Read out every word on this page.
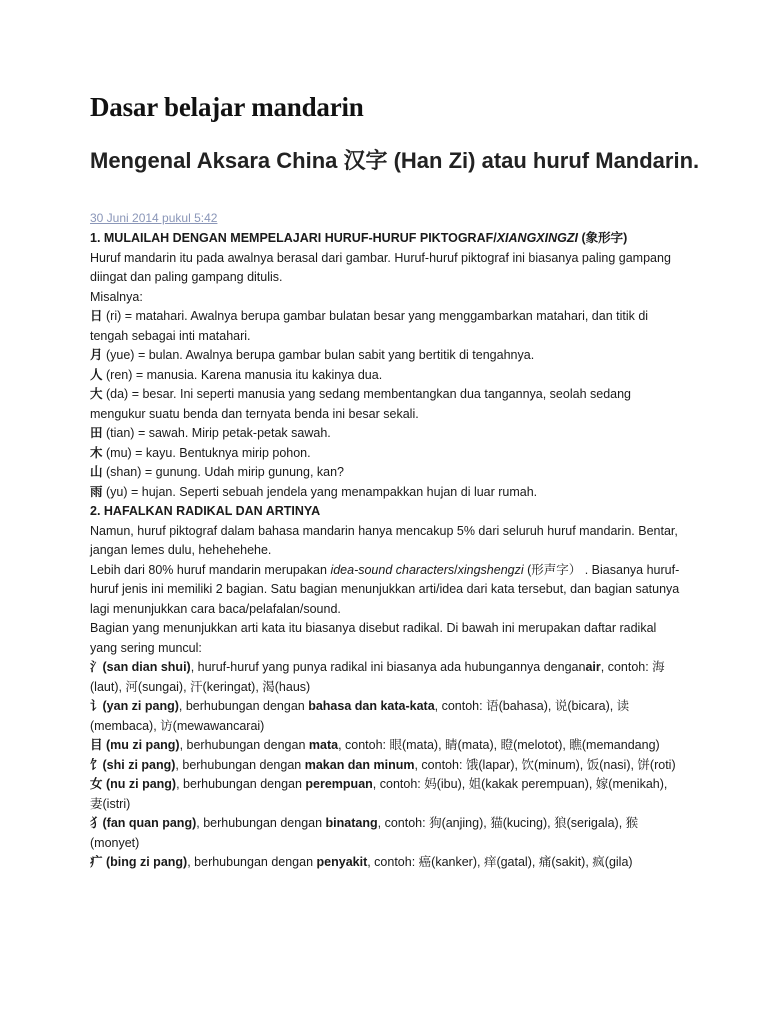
Dasar belajar mandarin
Mengenal Aksara China 汉字 (Han Zi) atau huruf Mandarin.
30 Juni 2014 pukul 5:42

1. MULAILAH DENGAN MEMPELAJARI HURUF-HURUF PIKTOGRAF/XIANGXINGZI (象形字)

Huruf mandarin itu pada awalnya berasal dari gambar. Huruf-huruf piktograf ini biasanya paling gampang diingat dan paling gampang ditulis.

Misalnya:

日 (ri) = matahari. Awalnya berupa gambar bulatan besar yang menggambarkan matahari, dan titik di tengah sebagai inti matahari.

月 (yue) = bulan. Awalnya berupa gambar bulan sabit yang bertitik di tengahnya.

人 (ren) = manusia. Karena manusia itu kakinya dua.

大 (da) = besar. Ini seperti manusia yang sedang membentangkan dua tangannya, seolah sedang mengukur suatu benda dan ternyata benda ini besar sekali.

田 (tian) = sawah. Mirip petak-petak sawah.

木 (mu) = kayu. Bentuknya mirip pohon.

山 (shan) = gunung. Udah mirip gunung, kan?

雨 (yu) = hujan. Seperti sebuah jendela yang menampakkan hujan di luar rumah.

2. HAFALKAN RADIKAL DAN ARTINYA

Namun, huruf piktograf dalam bahasa mandarin hanya mencakup 5% dari seluruh huruf mandarin. Bentar, jangan lemes dulu, hehehehehe.

Lebih dari 80% huruf mandarin merupakan idea-sound characters/xingshengzi (形声字） . Biasanya huruf-huruf jenis ini memiliki 2 bagian. Satu bagian menunjukkan arti/idea dari kata tersebut, dan bagian satunya lagi menunjukkan cara baca/pelafalan/sound.

Bagian yang menunjukkan arti kata itu biasanya disebut radikal. Di bawah ini merupakan daftar radikal yang sering muncul:

氵(san dian shui), huruf-huruf yang punya radikal ini biasanya ada hubungannya denganair, contoh: 海(laut), 河(sungai), 汗(keringat), 渴(haus)

讠(yan zi pang), berhubungan dengan bahasa dan kata-kata, contoh: 语(bahasa), 说(bicara), 读(membaca), 访(mewawancarai)

目 (mu zi pang), berhubungan dengan mata, contoh: 眼(mata), 睛(mata), 瞪(melotot), 瞧(memandang)

饣(shi zi pang), berhubungan dengan makan dan minum, contoh: 饿(lapar), 饮(minum), 饭(nasi), 饼(roti)

女 (nu zi pang), berhubungan dengan perempuan, contoh: 妈(ibu), 姐(kakak perempuan), 嫁(menikah), 妻(istri)

犭(fan quan pang), berhubungan dengan binatang, contoh: 狗(anjing), 猫(kucing), 狼(serigala), 猴(monyet)

疒 (bing zi pang), berhubungan dengan penyakit, contoh: 癌(kanker), 痒(gatal), 痛(sakit), 疯(gila)
